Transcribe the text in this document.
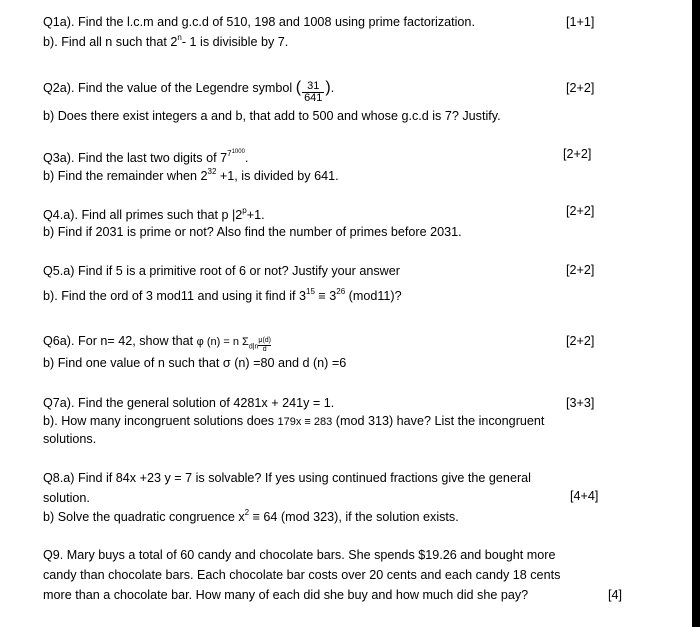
Q1a). Find the l.c.m and g.c.d of 510, 198 and 1008 using prime factorization.	[1+1]
b). Find all n such that 2$^n$- 1 is divisible by 7.
Q2a). Find the value of the Legendre symbol ( $\frac{31}{641}$ ).	[2+2]
b) Does there exist integers a and b, that add to 500 and whose g.c.d is 7? Justify.
Q3a). Find the last two digits of $7^{7^{1000}}$.	[2+2]
b) Find the remainder when $2^{32} +1$, is divided by 641.
Q4.a). Find all primes such that p $|2^p+1$.	[2+2]
b) Find if 2031 is prime or not? Also find the number of primes before 2031.
Q5.a) Find if 5 is a primitive root of 6 or not? Justify your answer	[2+2]
b). Find the ord of 3 mod11 and using it find if $3^{15} \equiv 3^{26}$ (mod11)?
Q6a). For n= 42, show that φ (n) = n $\Sigma_{d|n} \frac{\mu(d)}{d}$	[2+2]
b) Find one value of n such that σ (n) =80 and d (n) =6
Q7a). Find the general solution of 4281x + 241y = 1.	[3+3]
b). How many incongruent solutions does 179x ≡ 283 (mod 313) have? List the incongruent
solutions.
Q8.a) Find if 84x +23 y = 7 is solvable? If yes using continued fractions give the general
solution.	[4+4]
b) Solve the quadratic congruence $x^2 \equiv 64$ (mod 323), if the solution exists.
Q9. Mary buys a total of 60 candy and chocolate bars. She spends $19.26 and bought more
candy than chocolate bars. Each chocolate bar costs over 20 cents and each candy 18 cents
more than a chocolate bar. How many of each did she buy and how much did she pay?	[4]
